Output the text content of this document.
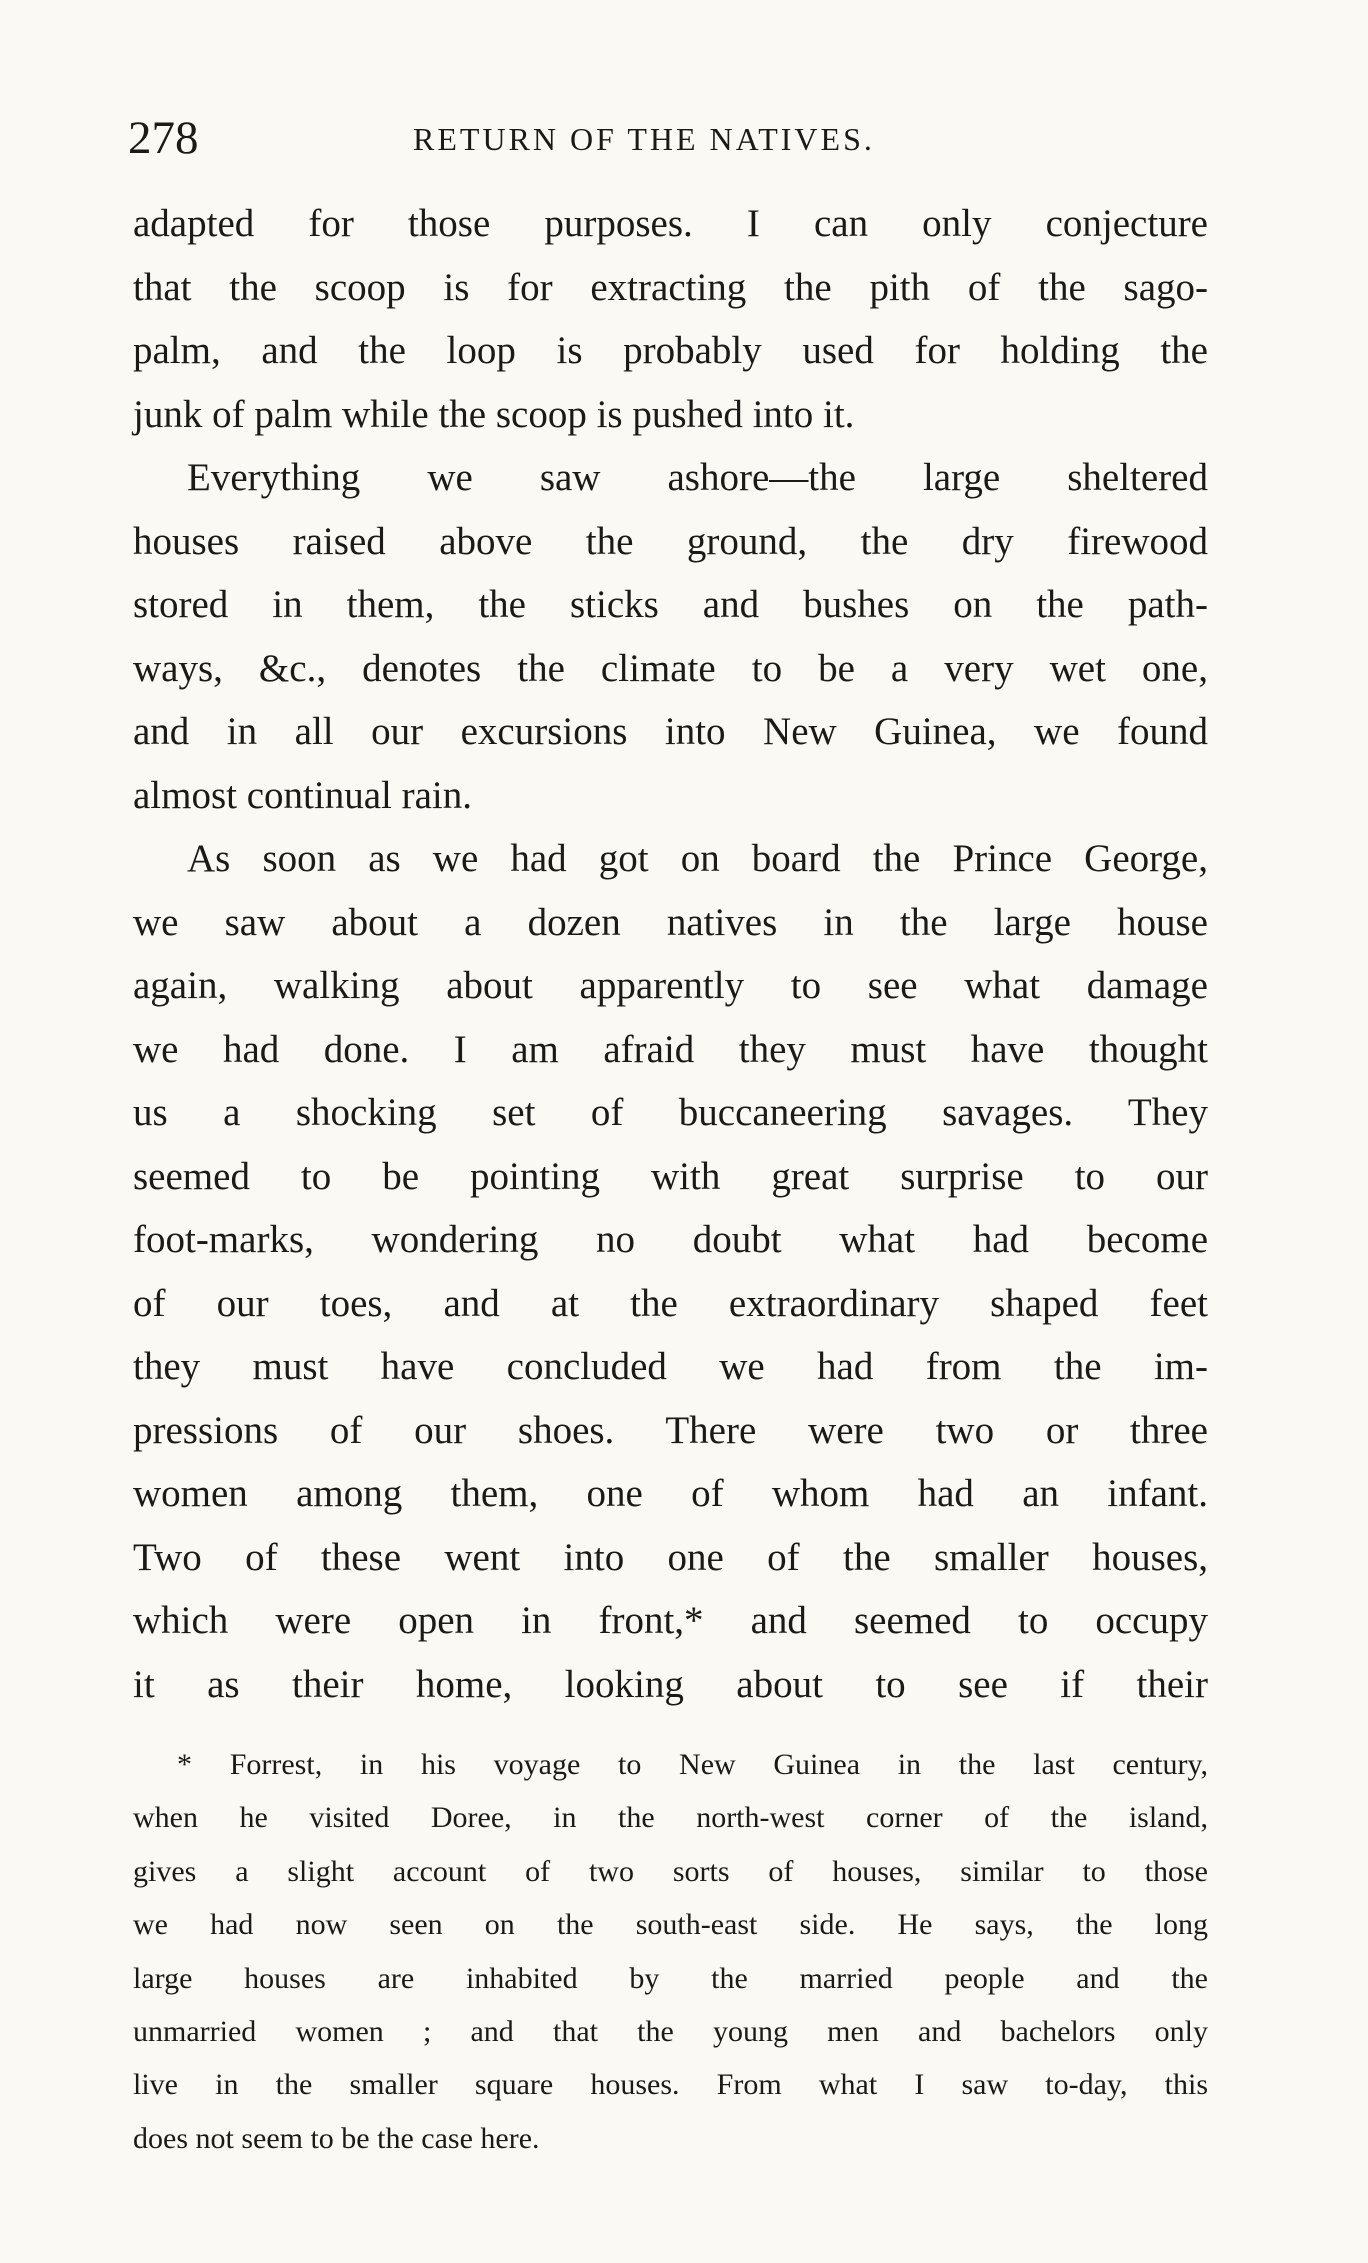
278	RETURN OF THE NATIVES.
adapted for those purposes. I can only conjecture
that the scoop is for extracting the pith of the sago-
palm, and the loop is probably used for holding the
junk of palm while the scoop is pushed into it.
Everything we saw ashore—the large sheltered
houses raised above the ground, the dry firewood
stored in them, the sticks and bushes on the path-
ways, &c., denotes the climate to be a very wet one,
and in all our excursions into New Guinea, we found
almost continual rain.
As soon as we had got on board the Prince George,
we saw about a dozen natives in the large house
again, walking about apparently to see what damage
we had done. I am afraid they must have thought
us a shocking set of buccaneering savages. They
seemed to be pointing with great surprise to our
foot-marks, wondering no doubt what had become
of our toes, and at the extraordinary shaped feet
they must have concluded we had from the im-
pressions of our shoes. There were two or three
women among them, one of whom had an infant.
Two of these went into one of the smaller houses,
which were open in front,* and seemed to occupy
it as their home, looking about to see if their
* Forrest, in his voyage to New Guinea in the last century,
when he visited Doree, in the north-west corner of the island,
gives a slight account of two sorts of houses, similar to those
we had now seen on the south-east side. He says, the long
large houses are inhabited by the married people and the
unmarried women ; and that the young men and bachelors only
live in the smaller square houses. From what I saw to-day, this
does not seem to be the case here.
